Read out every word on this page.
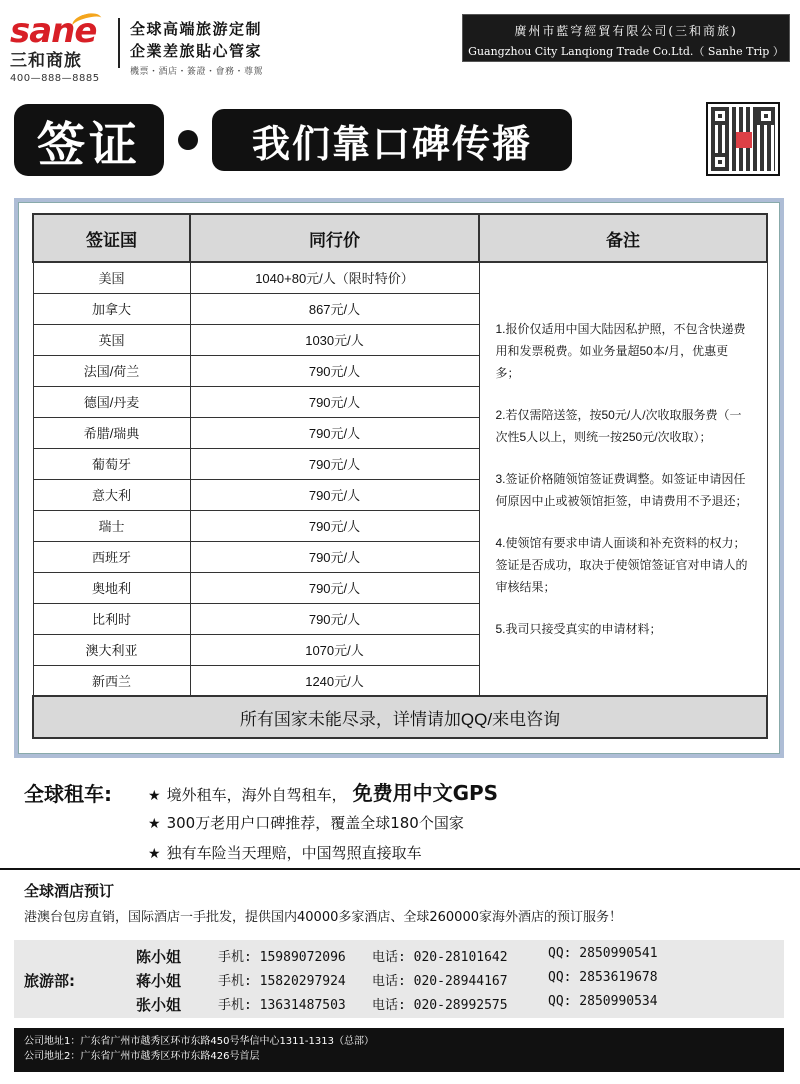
sane
三和商旅
400—888—8885
全球高端旅游定制
企業差旅貼心管家
機票・酒店・簽證・會務・尊駕
廣州市藍穹經貿有限公司(三和商旅)
Guangzhou City Lanqiong Trade Co.Ltd.（ Sanhe Trip ）
签证	我们靠口碑传播
签证国	同行价	备注
美国	1040+80元/人（限时特价）	1.报价仅适用中国大陆因私护照，不包含快递费用和发票税费。如业务量超50本/月，优惠更多；
2.若仅需陪送签，按50元/人/次收取服务费（一次性5人以上，则统一按250元/次收取）；
3.签证价格随领馆签证费调整。如签证申请因任何原因中止或被领馆拒签，申请费用不予退还；
4.使领馆有要求申请人面谈和补充资料的权力；签证是否成功，取决于使领馆签证官对申请人的审核结果；
5.我司只接受真实的申请材料；

加拿大	867元/人	
英国	1030元/人	
法国/荷兰	790元/人	
德国/丹麦	790元/人	
希腊/瑞典	790元/人	
葡萄牙	790元/人	
意大利	790元/人	
瑞士	790元/人	
西班牙	790元/人	
奥地利	790元/人	
比利时	790元/人	
澳大利亚	1070元/人	
新西兰	1240元/人	
所有国家未能尽录，详情请加QQ/来电咨询		
全球租车:	★ 境外租车，海外自驾租车， 免费用中文GPS
★ 300万老用户口碑推荐，覆盖全球180个国家
★ 独有车险当天理赔，中国驾照直接取车
全球酒店预订
港澳台包房直销，国际酒店一手批发，提供国内40000多家酒店、全球260000家海外酒店的预订服务！
旅游部:
陈小姐	手机: 15989072096 电话: 020-28101642	QQ: 2850990541
蒋小姐	手机: 15820297924 电话: 020-28944167	QQ: 2853619678
张小姐	手机: 13631487503 电话: 020-28992575	QQ: 2850990534
公司地址1：广东省广州市越秀区环市东路450号华信中心1311-1313（总部）
公司地址2：广东省广州市越秀区环市东路426号首层
